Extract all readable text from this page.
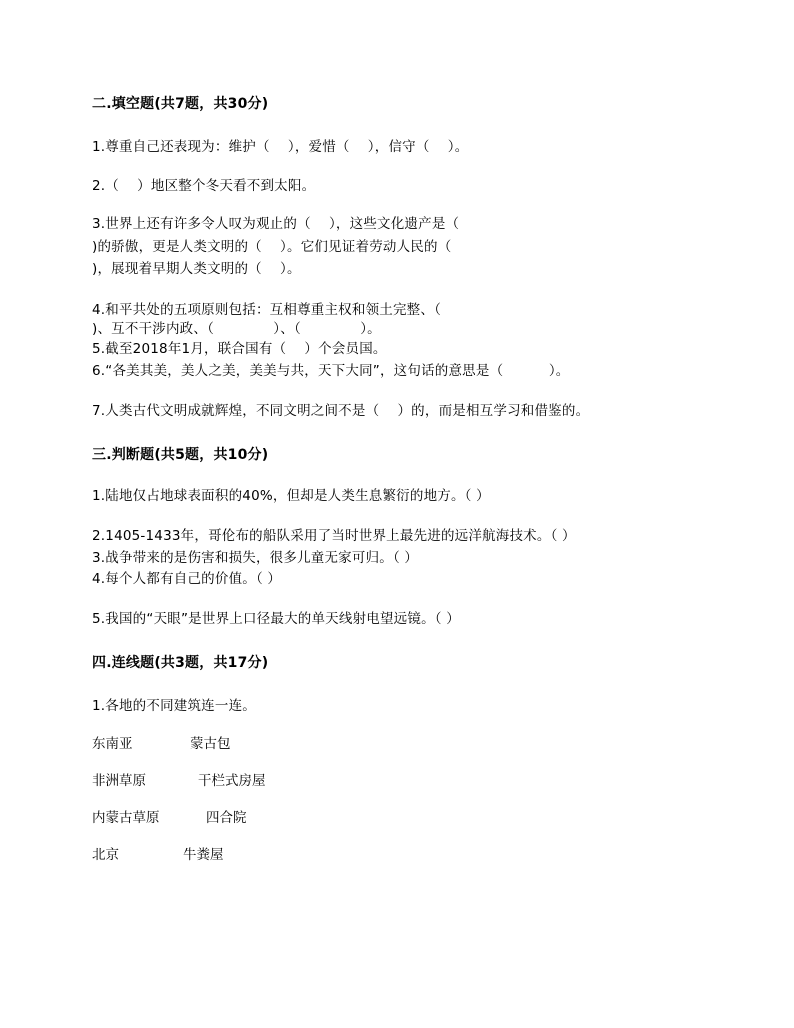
二.填空题(共7题，共30分)
1.尊重自己还表现为：维护（　 ），爱惜（　 ），信守（　 ）。
2.（　 ）地区整个冬天看不到太阳。
3.世界上还有许多令人叹为观止的（　 ），这些文化遗产是（
)的骄傲，更是人类文明的（　 ）。它们见证着劳动人民的（
)，展现着早期人类文明的（　 ）。
4.和平共处的五项原则包括：互相尊重主权和领土完整、（
)、互不干涉内政、（　　　　 ）、（　　　　 ）。
5.截至2018年1月，联合国有（　 ）个会员国。
6.“各美其美，美人之美，美美与共，天下大同”，这句话的意思是（　　　 ）。
7.人类古代文明成就辉煌，不同文明之间不是（　 ）的，而是相互学习和借鉴的。
三.判断题(共5题，共10分)
1.陆地仅占地球表面积的40%，但却是人类生息繁衍的地方。（ ）
2.1405-1433年，哥伦布的船队采用了当时世界上最先进的远洋航海技术。（ ）
3.战争带来的是伤害和损失，很多儿童无家可归。（ ）
4.每个人都有自己的价值。（ ）
5.我国的“天眼”是世界上口径最大的单天线射电望远镜。（ ）
四.连线题(共3题，共17分)
1.各地的不同建筑连一连。
东南亚	蒙古包
非洲草原	干栏式房屋
内蒙古草原	四合院
北京	牛粪屋
